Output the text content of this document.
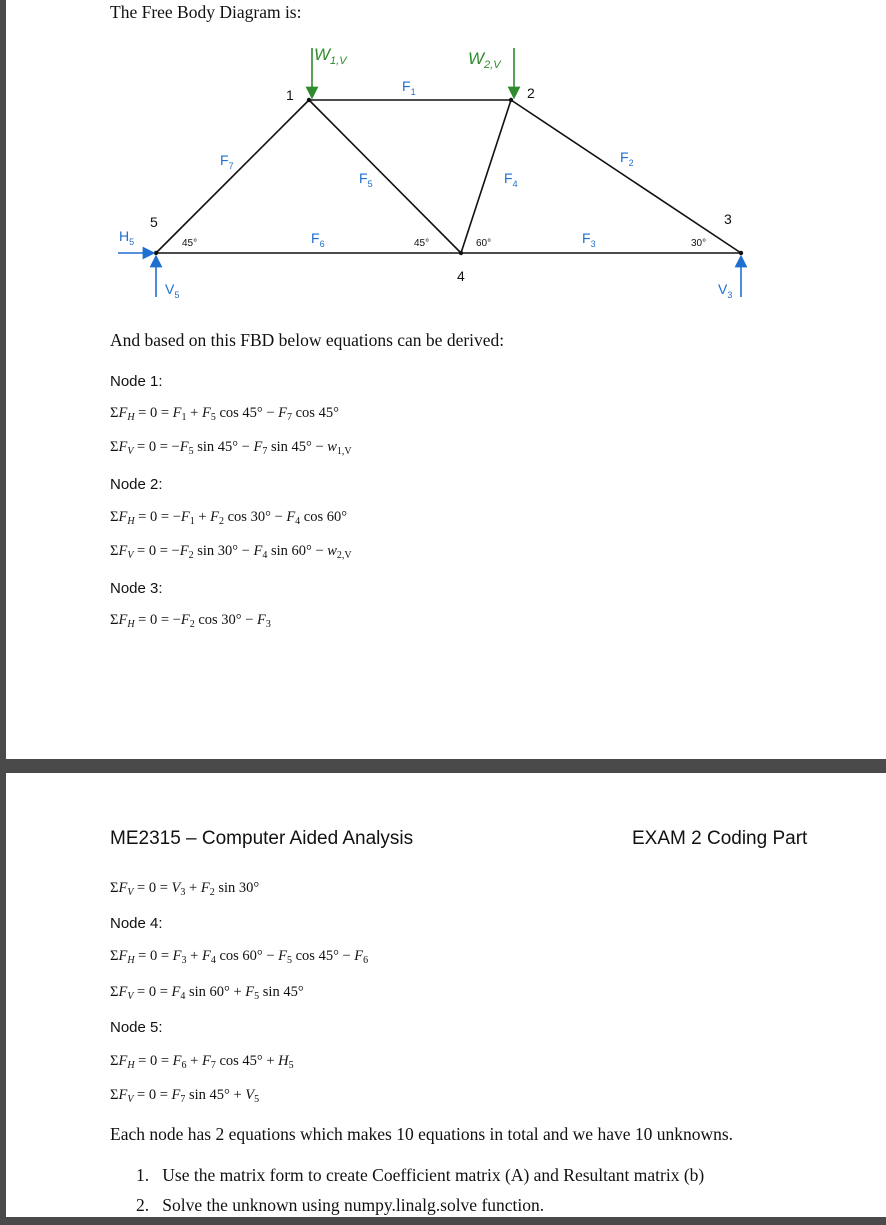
The Free Body Diagram is:
$W_{1,V}$	$W_{2,V}$
1	2
3
4
5
$F_1$
$F_7$
$F_5$	$F_4$
$F_2$
$F_6$	$F_3$
$H_5$
$V_5$	$V_3$
45°	45°	60°	30°
And based on this FBD below equations can be derived:
Node 1:
$\Sigma F_H = 0 = F_1 + F_5$ $\cos 45^\circ - F_7$ cos 45°
$\Sigma F_V = 0 = -F_5$ $\sin 45^\circ - F_7$ $\sin 45^\circ - w_{1,V}$
Node 2:
$\Sigma F_H = 0 = -F_1 + F_2$ $\cos 30^\circ - F_4$ cos 60°
$\Sigma F_V = 0 = -F_2$ $\sin 30^\circ - F_4$ $\sin 60^\circ - w_{2,V}$
Node 3:
$\Sigma F_H = 0 = -F_2$ $\cos 30^\circ - F_3$
ME2315 – Computer Aided Analysis	EXAM 2 Coding Part
$\Sigma F_V = 0 = V_3 + F_2$ sin 30°
Node 4:
$\Sigma F_H = 0 = F_3 + F_4$ $\cos 60^\circ - F_5$ $\cos 45^\circ - F_6$
$\Sigma F_V = 0 = F_4$ $\sin 60^\circ + F_5$ sin 45°
Node 5:
$\Sigma F_H = 0 = F_6 + F_7$ $\cos 45^\circ + H_5$
$\Sigma F_V = 0 = F_7$ $\sin 45^\circ + V_5$
Each node has 2 equations which makes 10 equations in total and we have 10 unknowns.
1.   Use the matrix form to create Coefficient matrix (A) and Resultant matrix (b)
2.   Solve the unknown using numpy.linalg.solve function.
